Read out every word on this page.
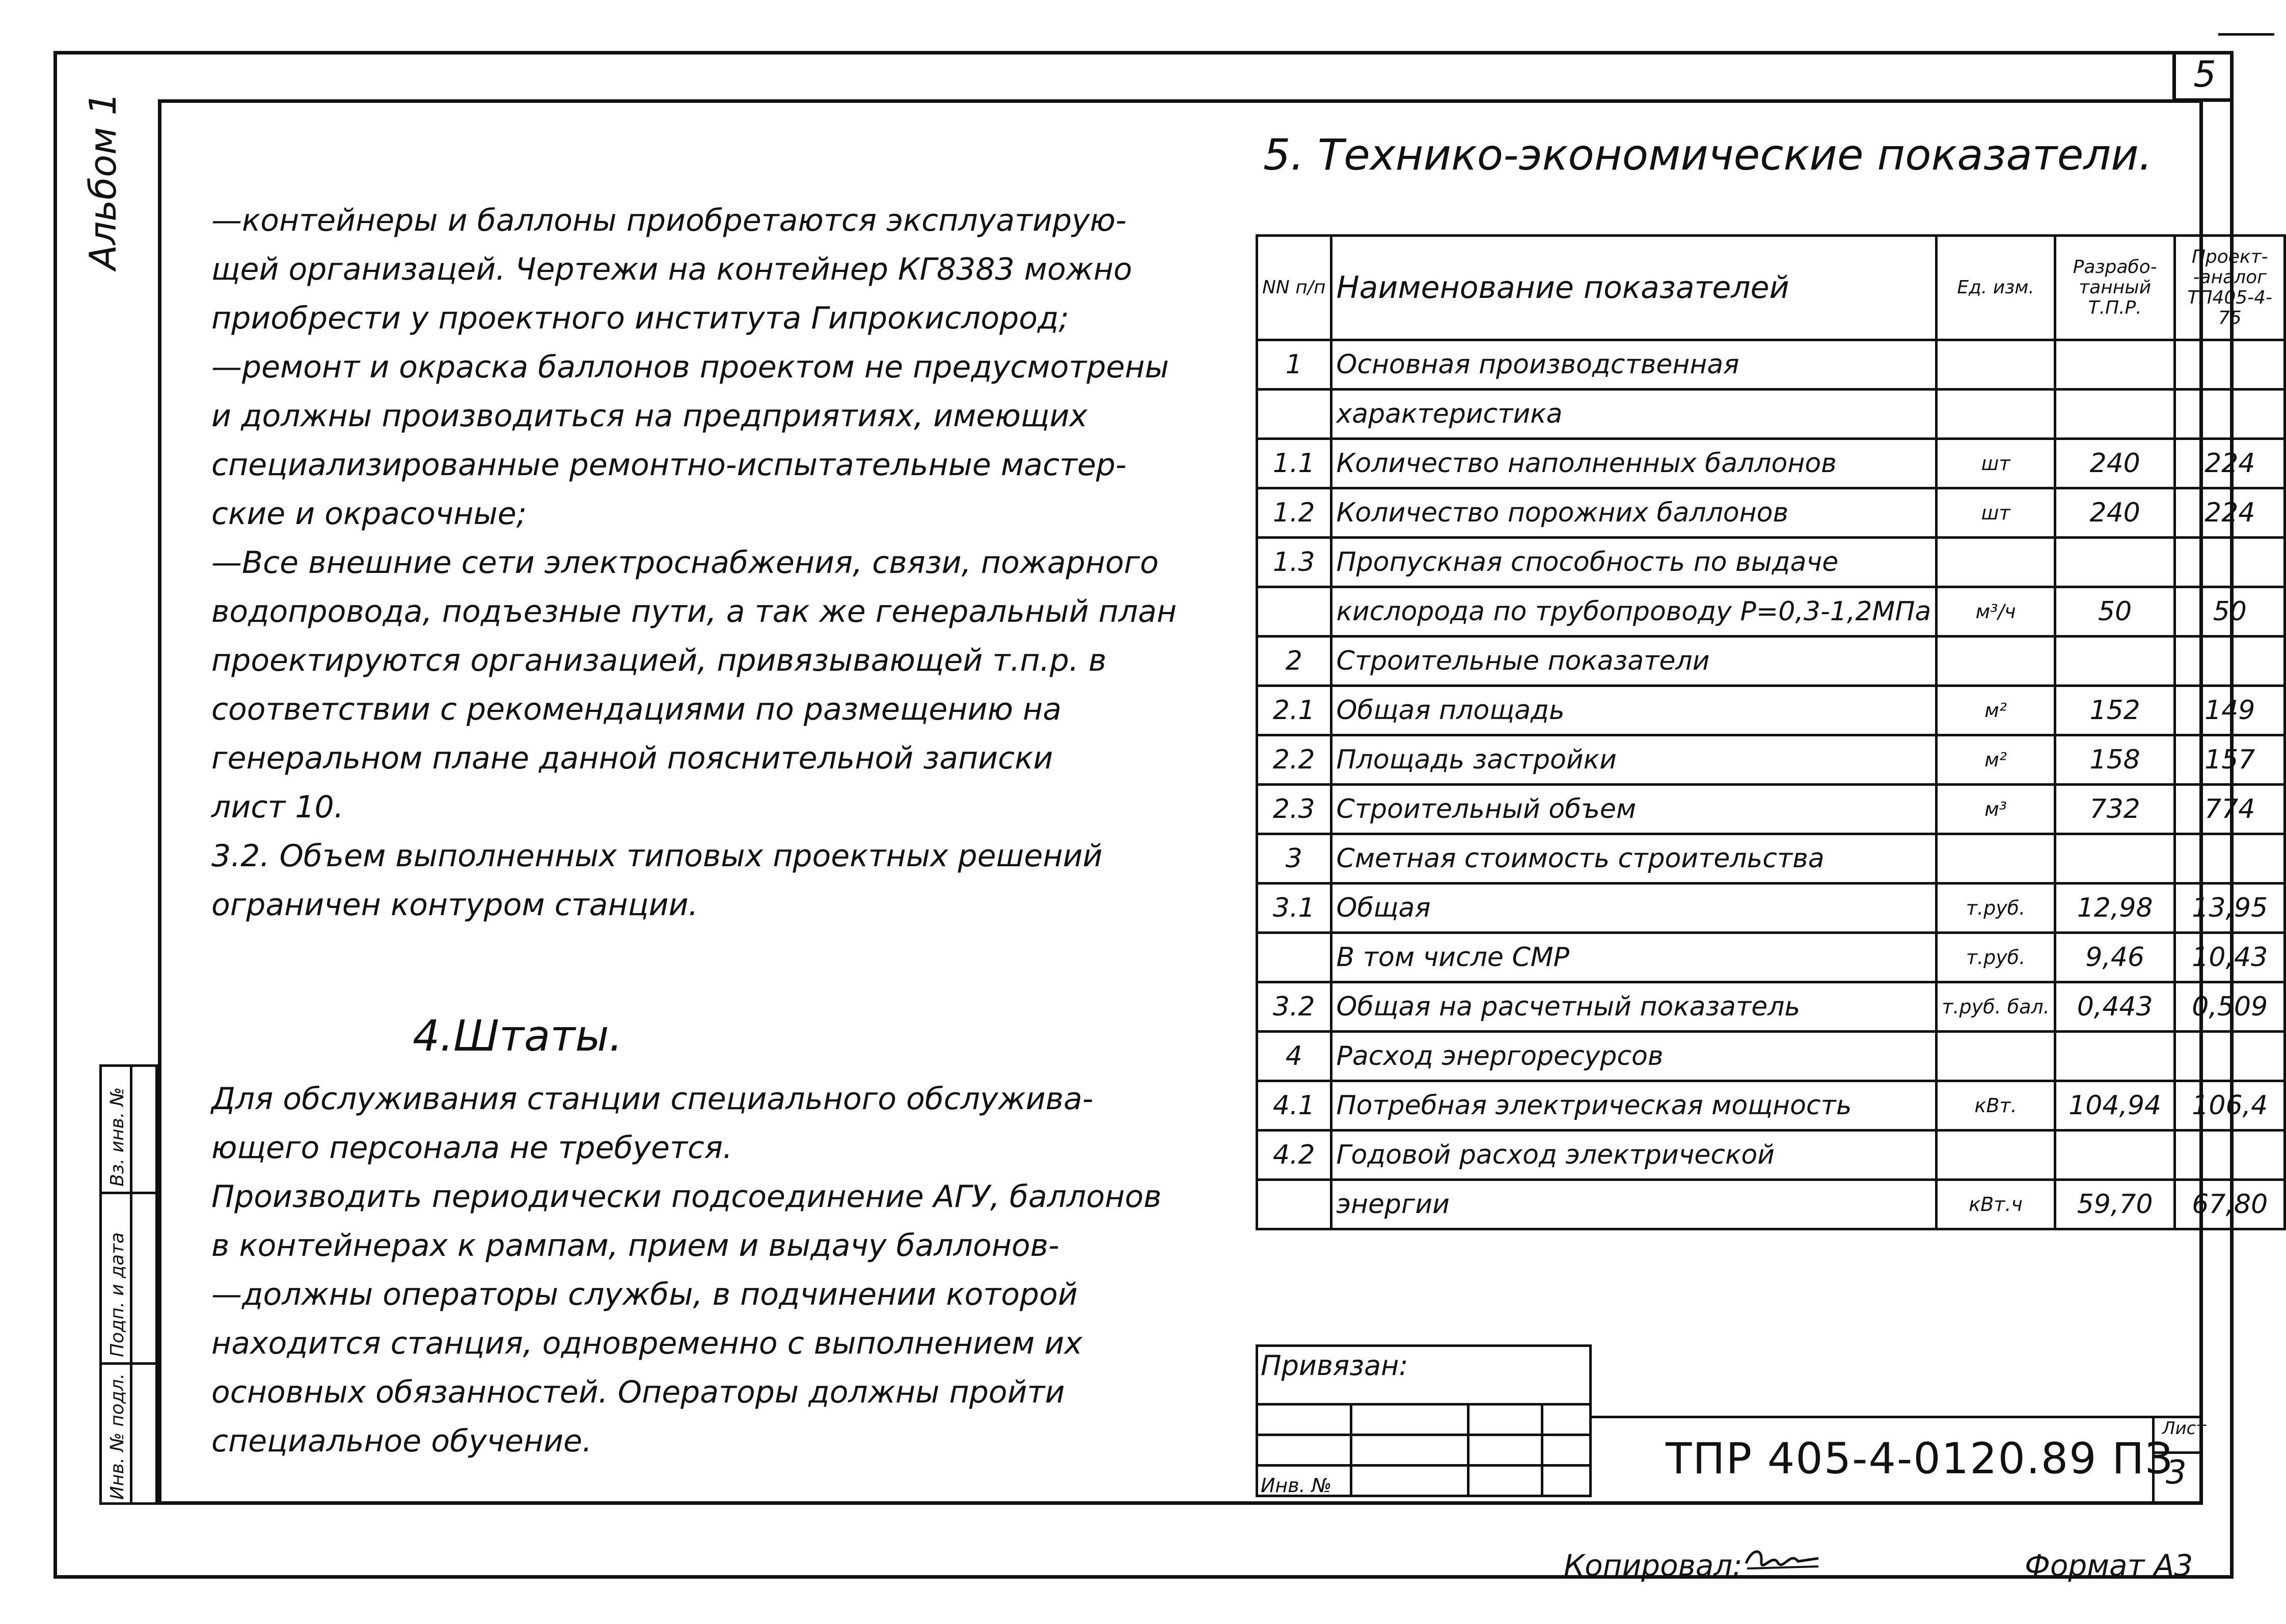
5
Альбом 1	—контейнеры и баллоны приобретаются эксплуатирую-
щей организацей. Чертежи на контейнер КГ8383 можно
приобрести у проектного института Гипрокислород;
—ремонт и окраска баллонов проектом не предусмотрены
и должны производиться на предприятиях, имеющих
специализированные ремонтно-испытательные мастер-
ские и окрасочные;
—Все внешние сети электроснабжения, связи, пожарного
водопровода, подъезные пути, а так же генеральный план
проектируются организацией, привязывающей т.п.р. в
соответствии с рекомендациями по размещению на
генеральном плане данной пояснительной записки
лист 10.
3.2. Объем выполненных типовых проектных решений
ограничен контуром станции.
4.Штаты.
Для обслуживания станции специального обслужива-
ющего персонала не требуется.
Производить периодически подсоединение АГУ, баллонов
в контейнерах к рампам, прием и выдачу баллонов-
—должны операторы службы, в подчинении которой
находится станция, одновременно с выполнением их
основных обязанностей. Операторы должны пройти
специальное обучение.
5. Технико-экономические показатели.
NN п/п	Наименование показателей	Ед. изм.	Разрабо- танный Т.П.Р.	Проект- -аналог ТП405-4-75
1	Основная производственная			
	характеристика			
1.1	Количество наполненных баллонов	шт	240	224
1.2	Количество порожних баллонов	шт	240	224
1.3	Пропускная способность по выдаче			
	кислорода по трубопроводу Р=0,3-1,2МПа	м³/ч	50	50
2	Строительные показатели			
2.1	Общая площадь	м²	152	149
2.2	Площадь застройки	м²	158	157
2.3	Строительный объем	м³	732	774
3	Сметная стоимость строительства			
3.1	Общая	т.руб.	12,98	13,95
	В том числе СМР	т.руб.	9,46	10,43
3.2	Общая на расчетный показатель	т.руб. бал.	0,443	0,509
4	Расход энергоресурсов			
4.1	Потребная электрическая мощность	кВт.	104,94	106,4
4.2	Годовой расход электрической			
	энергии	кВт.ч	59,70	67,80
Привязан:
Инв. №
ТПР 405-4-0120.89 ПЗ
Лист
3
Инв. № подл.
Подп. и дата
Вз. инв. №
Копировал:	Формат А3
